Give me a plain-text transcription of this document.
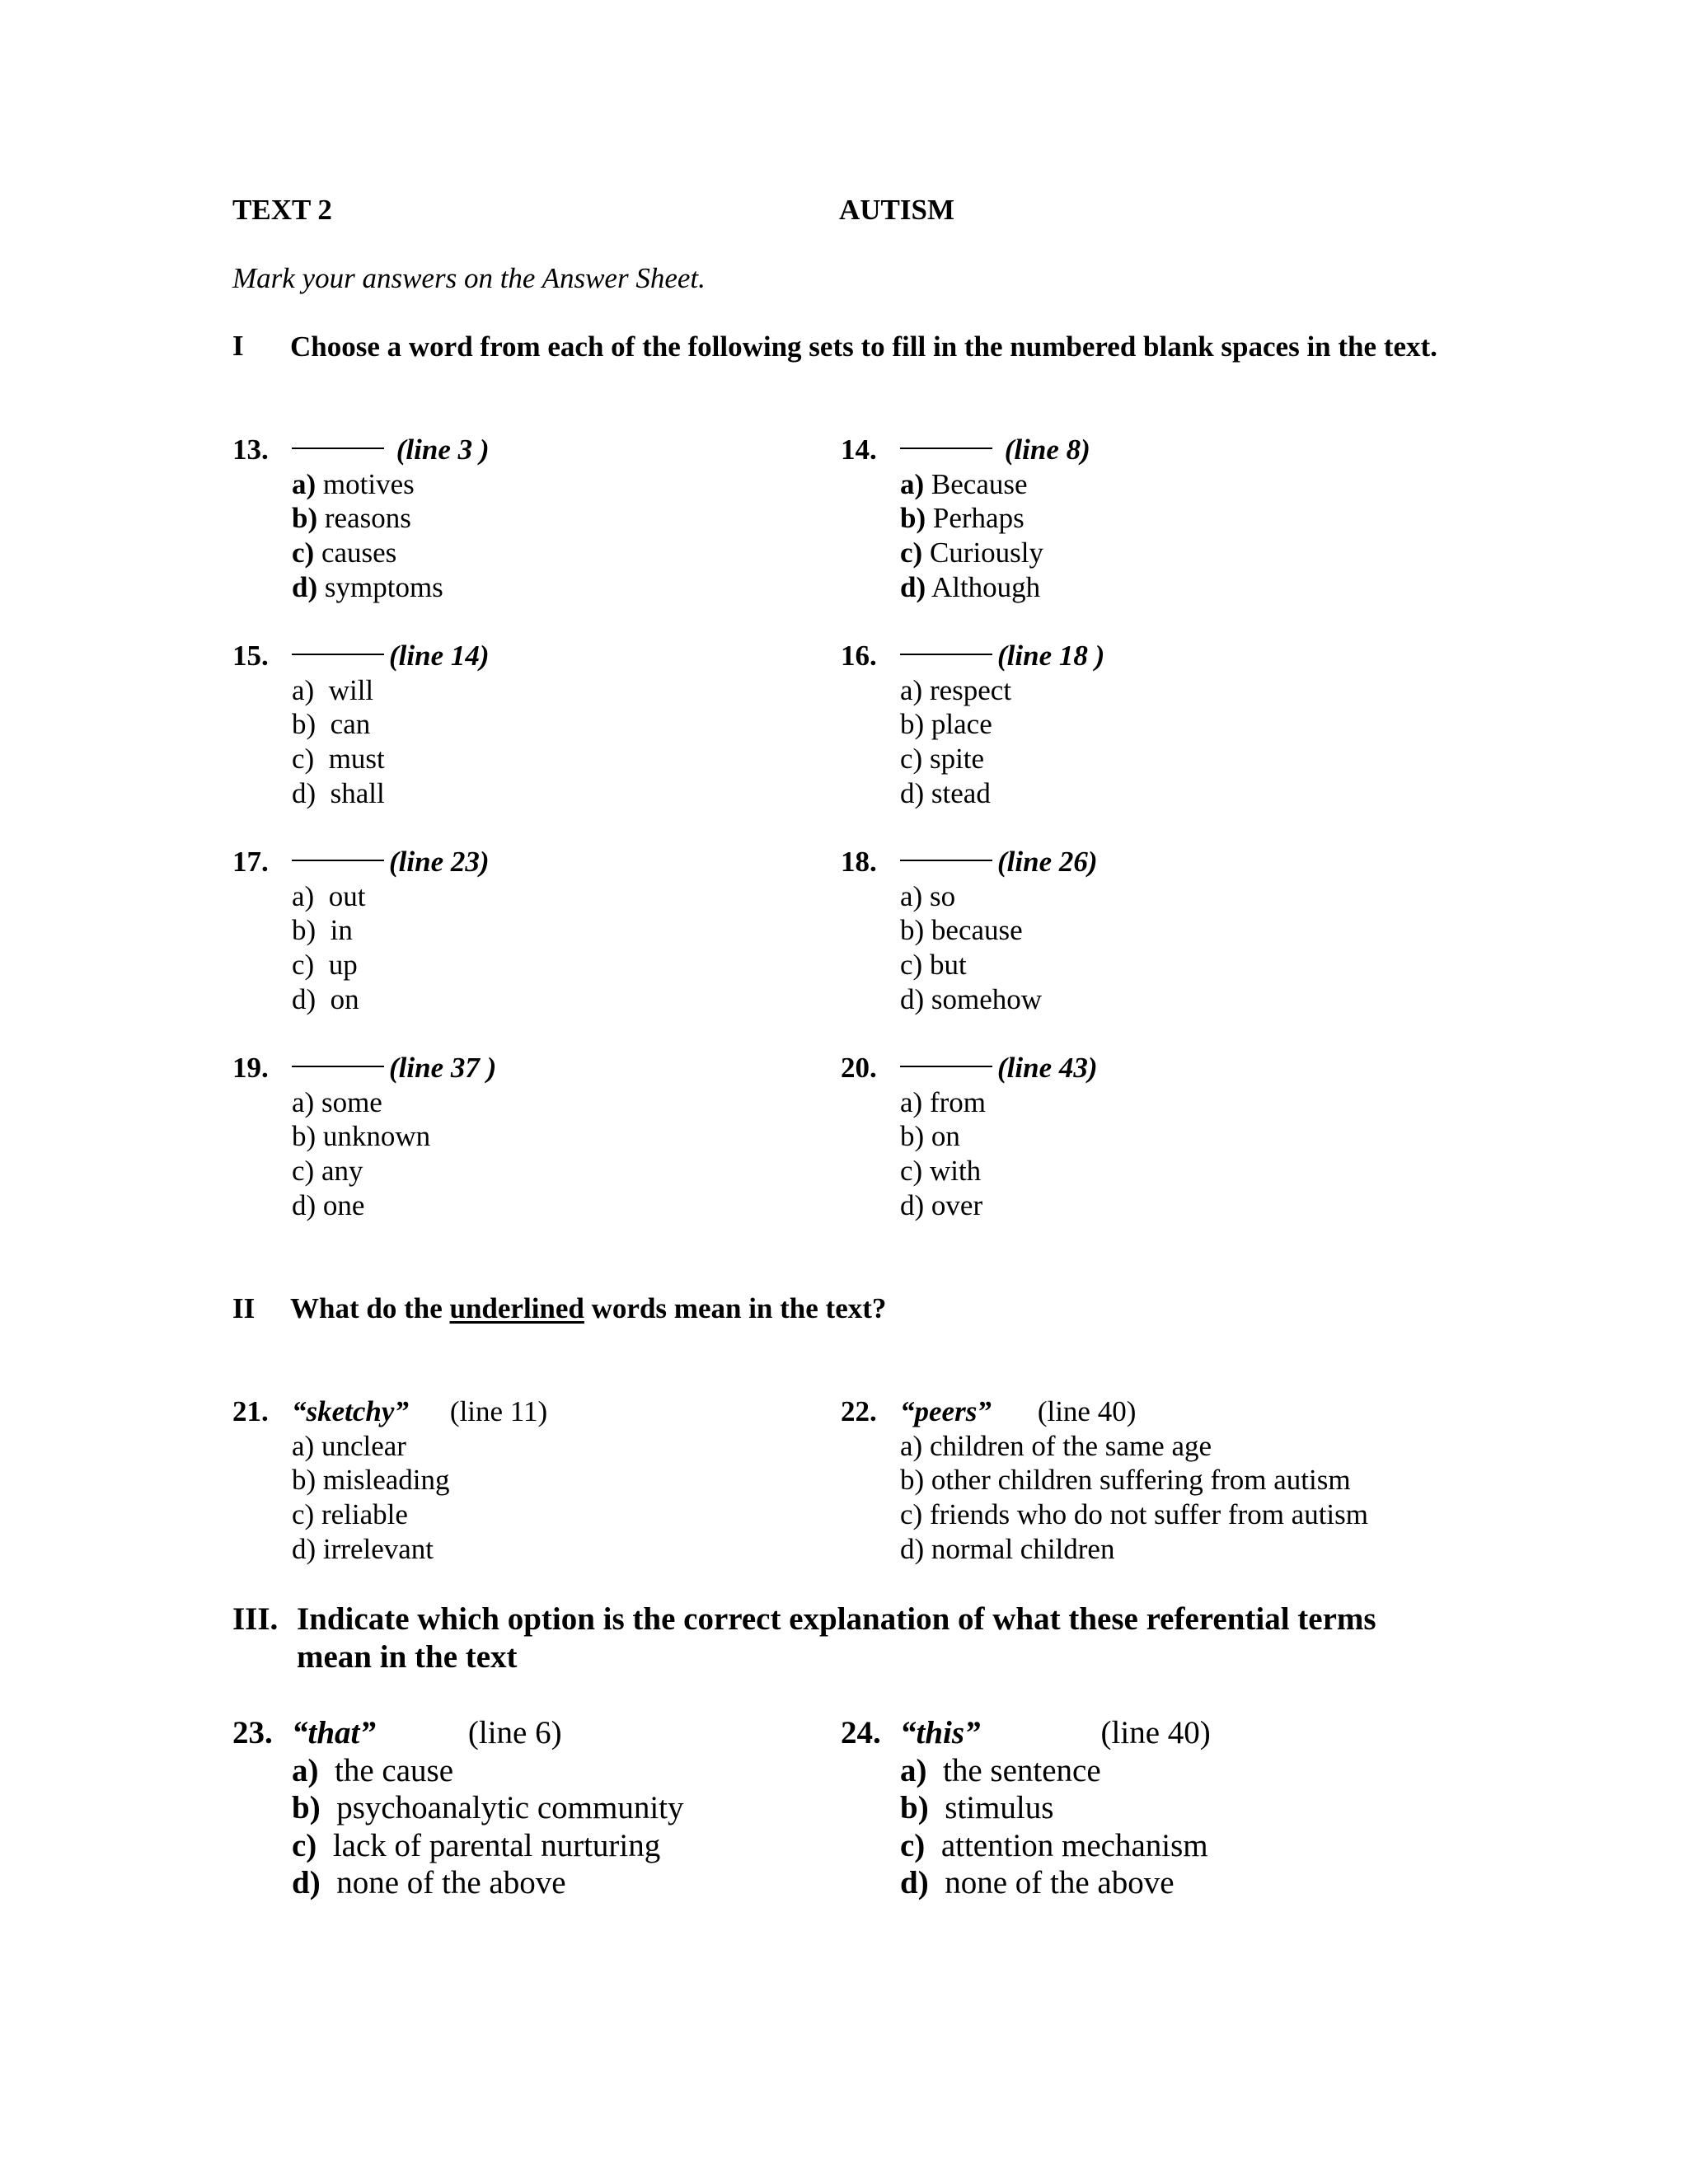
TEXT 2	AUTISM
Mark your answers on the Answer Sheet.
I Choose a word from each of the following sets to fill in the numbered blank spaces in the text.
13.	(line 3 )
a) motives
b) reasons
c) causes
d) symptoms
14.	(line 8)
a) Because
b) Perhaps
c) Curiously
d) Although
15.	(line 14)
a) will
b) can
c) must
d) shall
16.	(line 18 )
a) respect
b) place
c) spite
d) stead
17.	(line 23)
a) out
b) in
c) up
d) on
18.	(line 26)
a) so
b) because
c) but
d) somehow
19.	(line 37 )
a) some
b) unknown
c) any
d) one
20.	(line 43)
a) from
b) on
c) with
d) over
II What do the underlined words mean in the text?
21. “sketchy” (line 11)
a) unclear
b) misleading
c) reliable
d) irrelevant
22. “peers” (line 40)
a) children of the same age
b) other children suffering from autism
c) friends who do not suffer from autism
d) normal children
III. Indicate which option is the correct explanation of what these referential terms mean in the text
23. “that”	(line 6)
a) the cause
b) psychoanalytic community
c) lack of parental nurturing
d) none of the above
24. “this”	(line 40)
a) the sentence
b) stimulus
c) attention mechanism
d) none of the above
